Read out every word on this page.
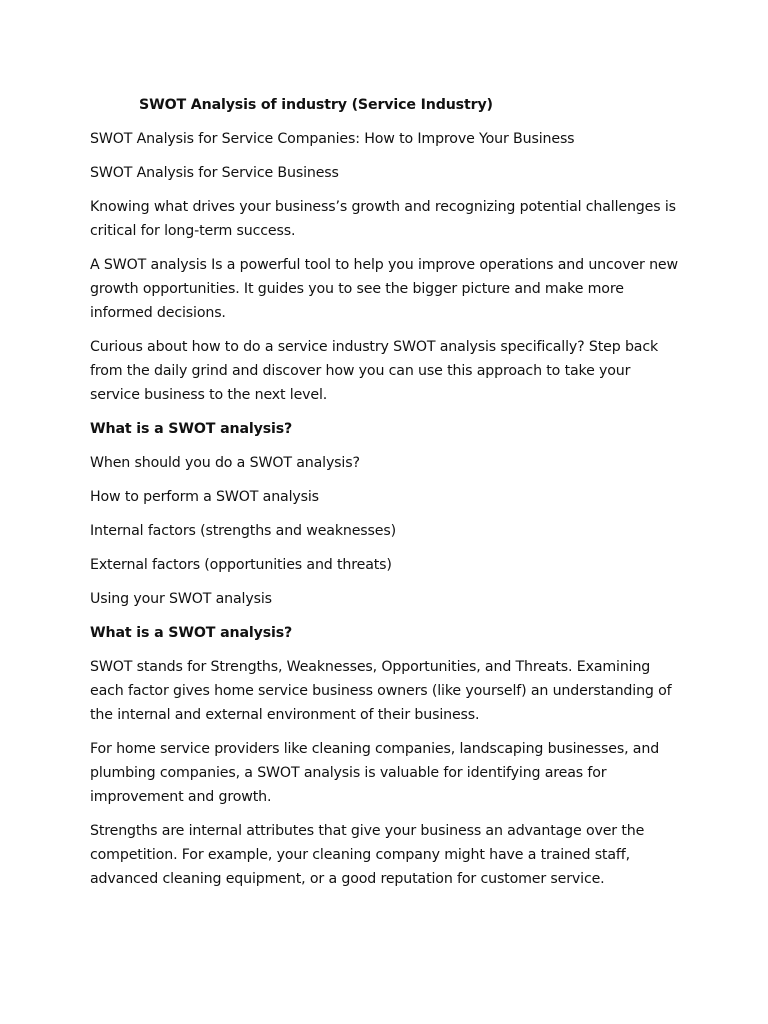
SWOT Analysis of industry (Service Industry)

SWOT Analysis for Service Companies: How to Improve Your Business

SWOT Analysis for Service Business

Knowing what drives your business’s growth and recognizing potential challenges is critical for long-term success.

A SWOT analysis Is a powerful tool to help you improve operations and uncover new growth opportunities. It guides you to see the bigger picture and make more informed decisions.

Curious about how to do a service industry SWOT analysis specifically? Step back from the daily grind and discover how you can use this approach to take your service business to the next level.

What is a SWOT analysis?

When should you do a SWOT analysis?

How to perform a SWOT analysis

Internal factors (strengths and weaknesses)

External factors (opportunities and threats)

Using your SWOT analysis

What is a SWOT analysis?

SWOT stands for Strengths, Weaknesses, Opportunities, and Threats. Examining each factor gives home service business owners (like yourself) an understanding of the internal and external environment of their business.

For home service providers like cleaning companies, landscaping businesses, and plumbing companies, a SWOT analysis is valuable for identifying areas for improvement and growth.

Strengths are internal attributes that give your business an advantage over the competition. For example, your cleaning company might have a trained staff, advanced cleaning equipment, or a good reputation for customer service.
